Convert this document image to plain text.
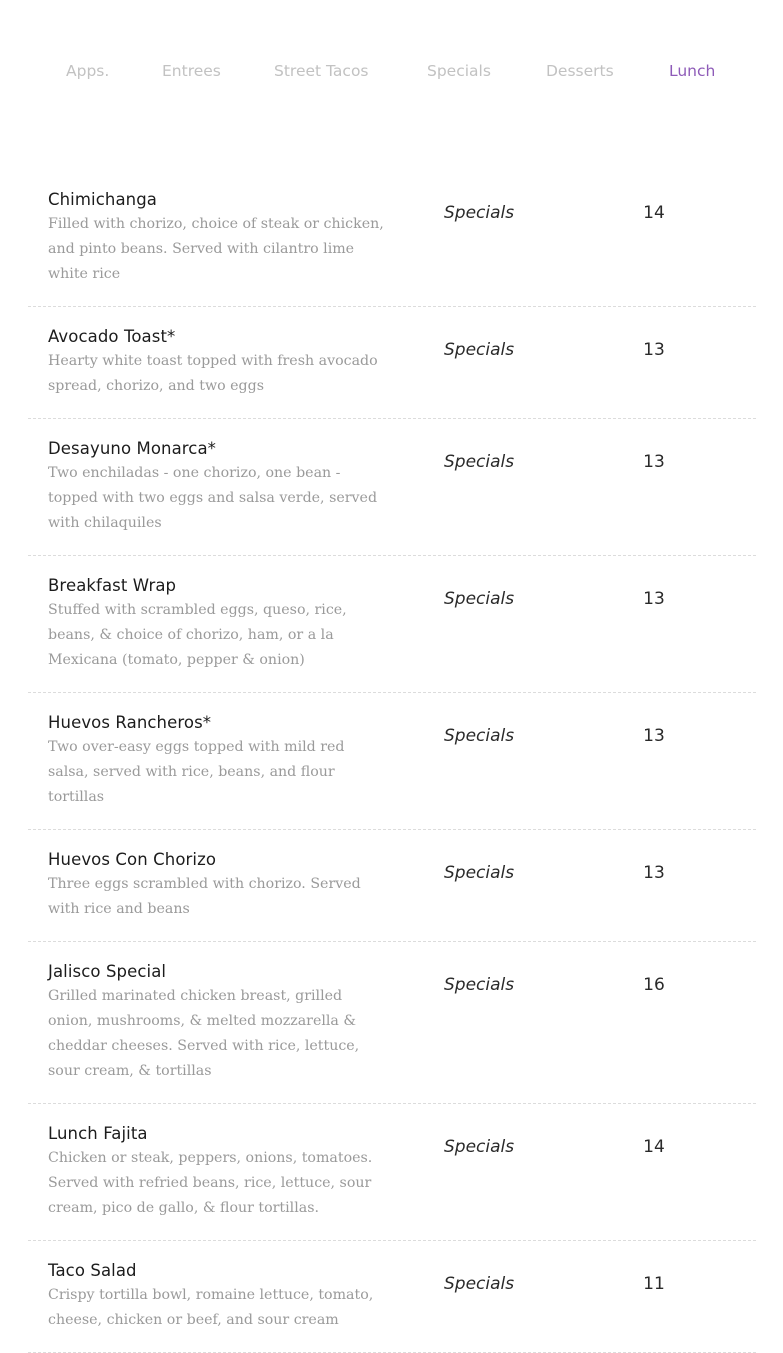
Apps.	Entrees	Street Tacos	Specials	Desserts	Lunch
Chimichanga
Filled with chorizo, choice of steak or chicken, and pinto beans. Served with cilantro lime white rice
Specials	14
Avocado Toast*
Hearty white toast topped with fresh avocado spread, chorizo, and two eggs
Specials	13
Desayuno Monarca*
Two enchiladas - one chorizo, one bean - topped with two eggs and salsa verde, served with chilaquiles
Specials	13
Breakfast Wrap
Stuffed with scrambled eggs, queso, rice, beans, & choice of chorizo, ham, or a la Mexicana (tomato, pepper & onion)
Specials	13
Huevos Rancheros*
Two over-easy eggs topped with mild red salsa, served with rice, beans, and flour tortillas
Specials	13
Huevos Con Chorizo
Three eggs scrambled with chorizo. Served with rice and beans
Specials	13
Jalisco Special
Grilled marinated chicken breast, grilled onion, mushrooms, & melted mozzarella & cheddar cheeses. Served with rice, lettuce, sour cream, & tortillas
Specials	16
Lunch Fajita
Chicken or steak, peppers, onions, tomatoes. Served with refried beans, rice, lettuce, sour cream, pico de gallo, & flour tortillas.
Specials	14
Taco Salad
Crispy tortilla bowl, romaine lettuce, tomato, cheese, chicken or beef, and sour cream
Specials	11
